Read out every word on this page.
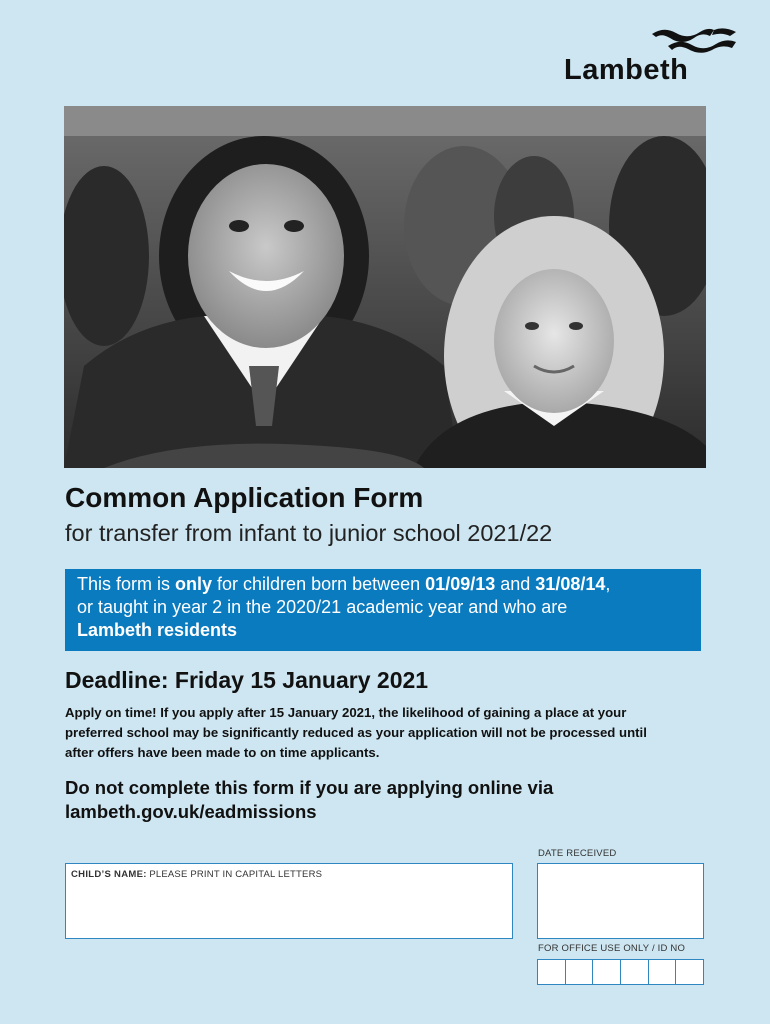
Lambeth
Common Application Form
for transfer from infant to junior school 2021/22
This form is only for children born between 01/09/13 and 31/08/14,
or taught in year 2 in the 2020/21 academic year and who are
Lambeth residents
Deadline: Friday 15 January 2021

Apply on time! If you apply after 15 January 2021, the likelihood of gaining a place at your preferred school may be significantly reduced as your application will not be processed until after offers have been made to on time applicants.

Do not complete this form if you are applying online via lambeth.gov.uk/eadmissions

CHILD’S NAME: PLEASE PRINT IN CAPITAL LETTERS
DATE RECEIVED
FOR OFFICE USE ONLY / ID NO
